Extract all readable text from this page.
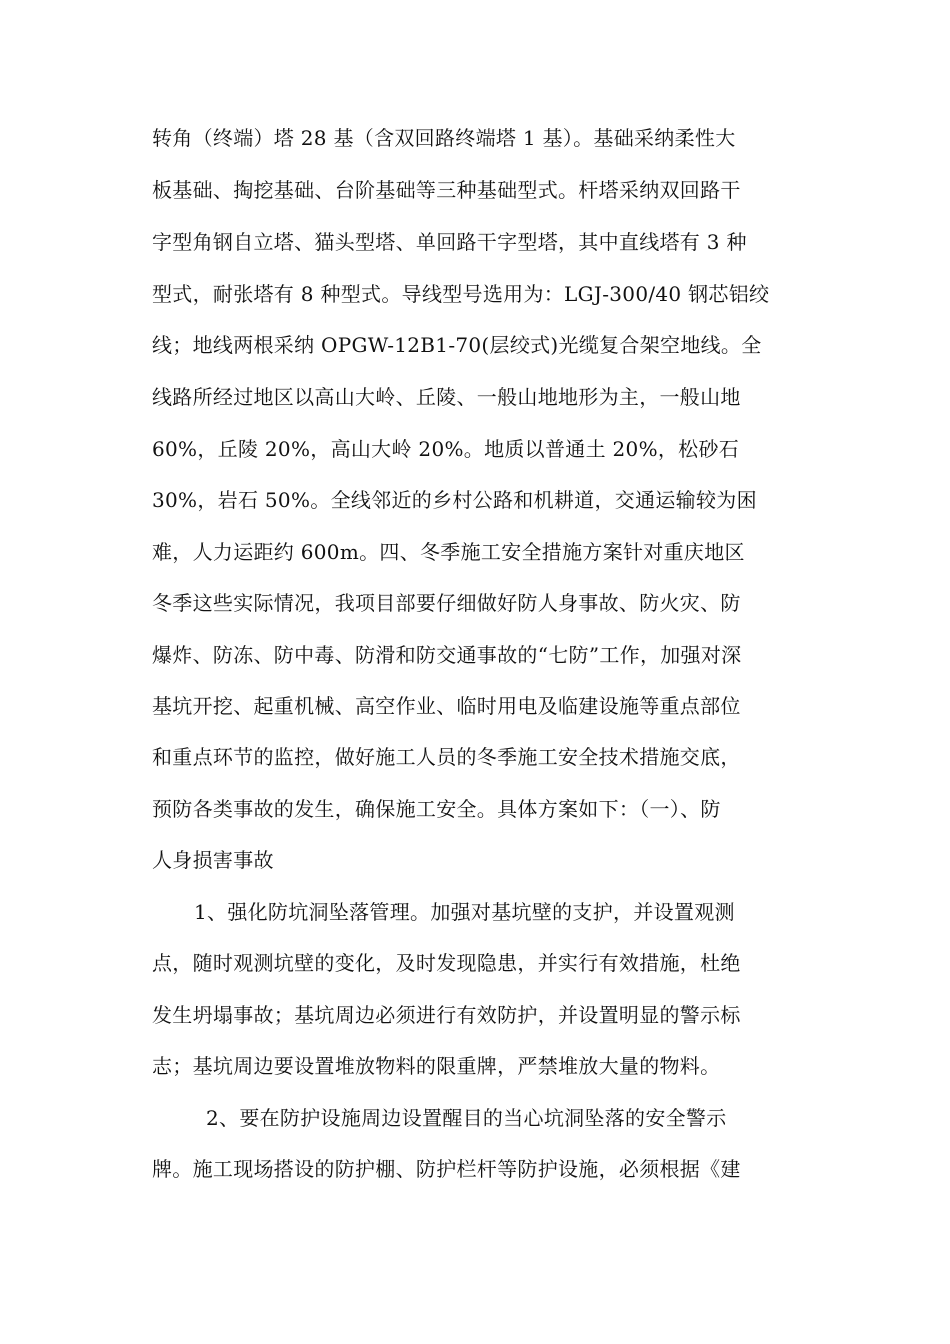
转角（终端）塔 28 基（含双回路终端塔 1 基）。基础采纳柔性大
板基础、掏挖基础、台阶基础等三种基础型式。杆塔采纳双回路干
字型角钢自立塔、猫头型塔、单回路干字型塔，其中直线塔有 3 种
型式，耐张塔有 8 种型式。导线型号选用为：LGJ-300/40 钢芯铝绞
线；地线两根采纳 OPGW-12B1-70(层绞式)光缆复合架空地线。全
线路所经过地区以高山大岭、丘陵、一般山地地形为主，一般山地
60%，丘陵 20%，高山大岭 20%。地质以普通土 20%，松砂石
30%，岩石 50%。全线邻近的乡村公路和机耕道，交通运输较为困
难，人力运距约 600m。四、冬季施工安全措施方案针对重庆地区
冬季这些实际情况，我项目部要仔细做好防人身事故、防火灾、防
爆炸、防冻、防中毒、防滑和防交通事故的“七防”工作，加强对深
基坑开挖、起重机械、高空作业、临时用电及临建设施等重点部位
和重点环节的监控，做好施工人员的冬季施工安全技术措施交底，
预防各类事故的发生，确保施工安全。具体方案如下：（一）、防
人身损害事故
1、强化防坑洞坠落管理。加强对基坑壁的支护，并设置观测
点，随时观测坑壁的变化，及时发现隐患，并实行有效措施，杜绝
发生坍塌事故；基坑周边必须进行有效防护，并设置明显的警示标
志；基坑周边要设置堆放物料的限重牌，严禁堆放大量的物料。
2、要在防护设施周边设置醒目的当心坑洞坠落的安全警示
牌。施工现场搭设的防护棚、防护栏杆等防护设施，必须根据《建
